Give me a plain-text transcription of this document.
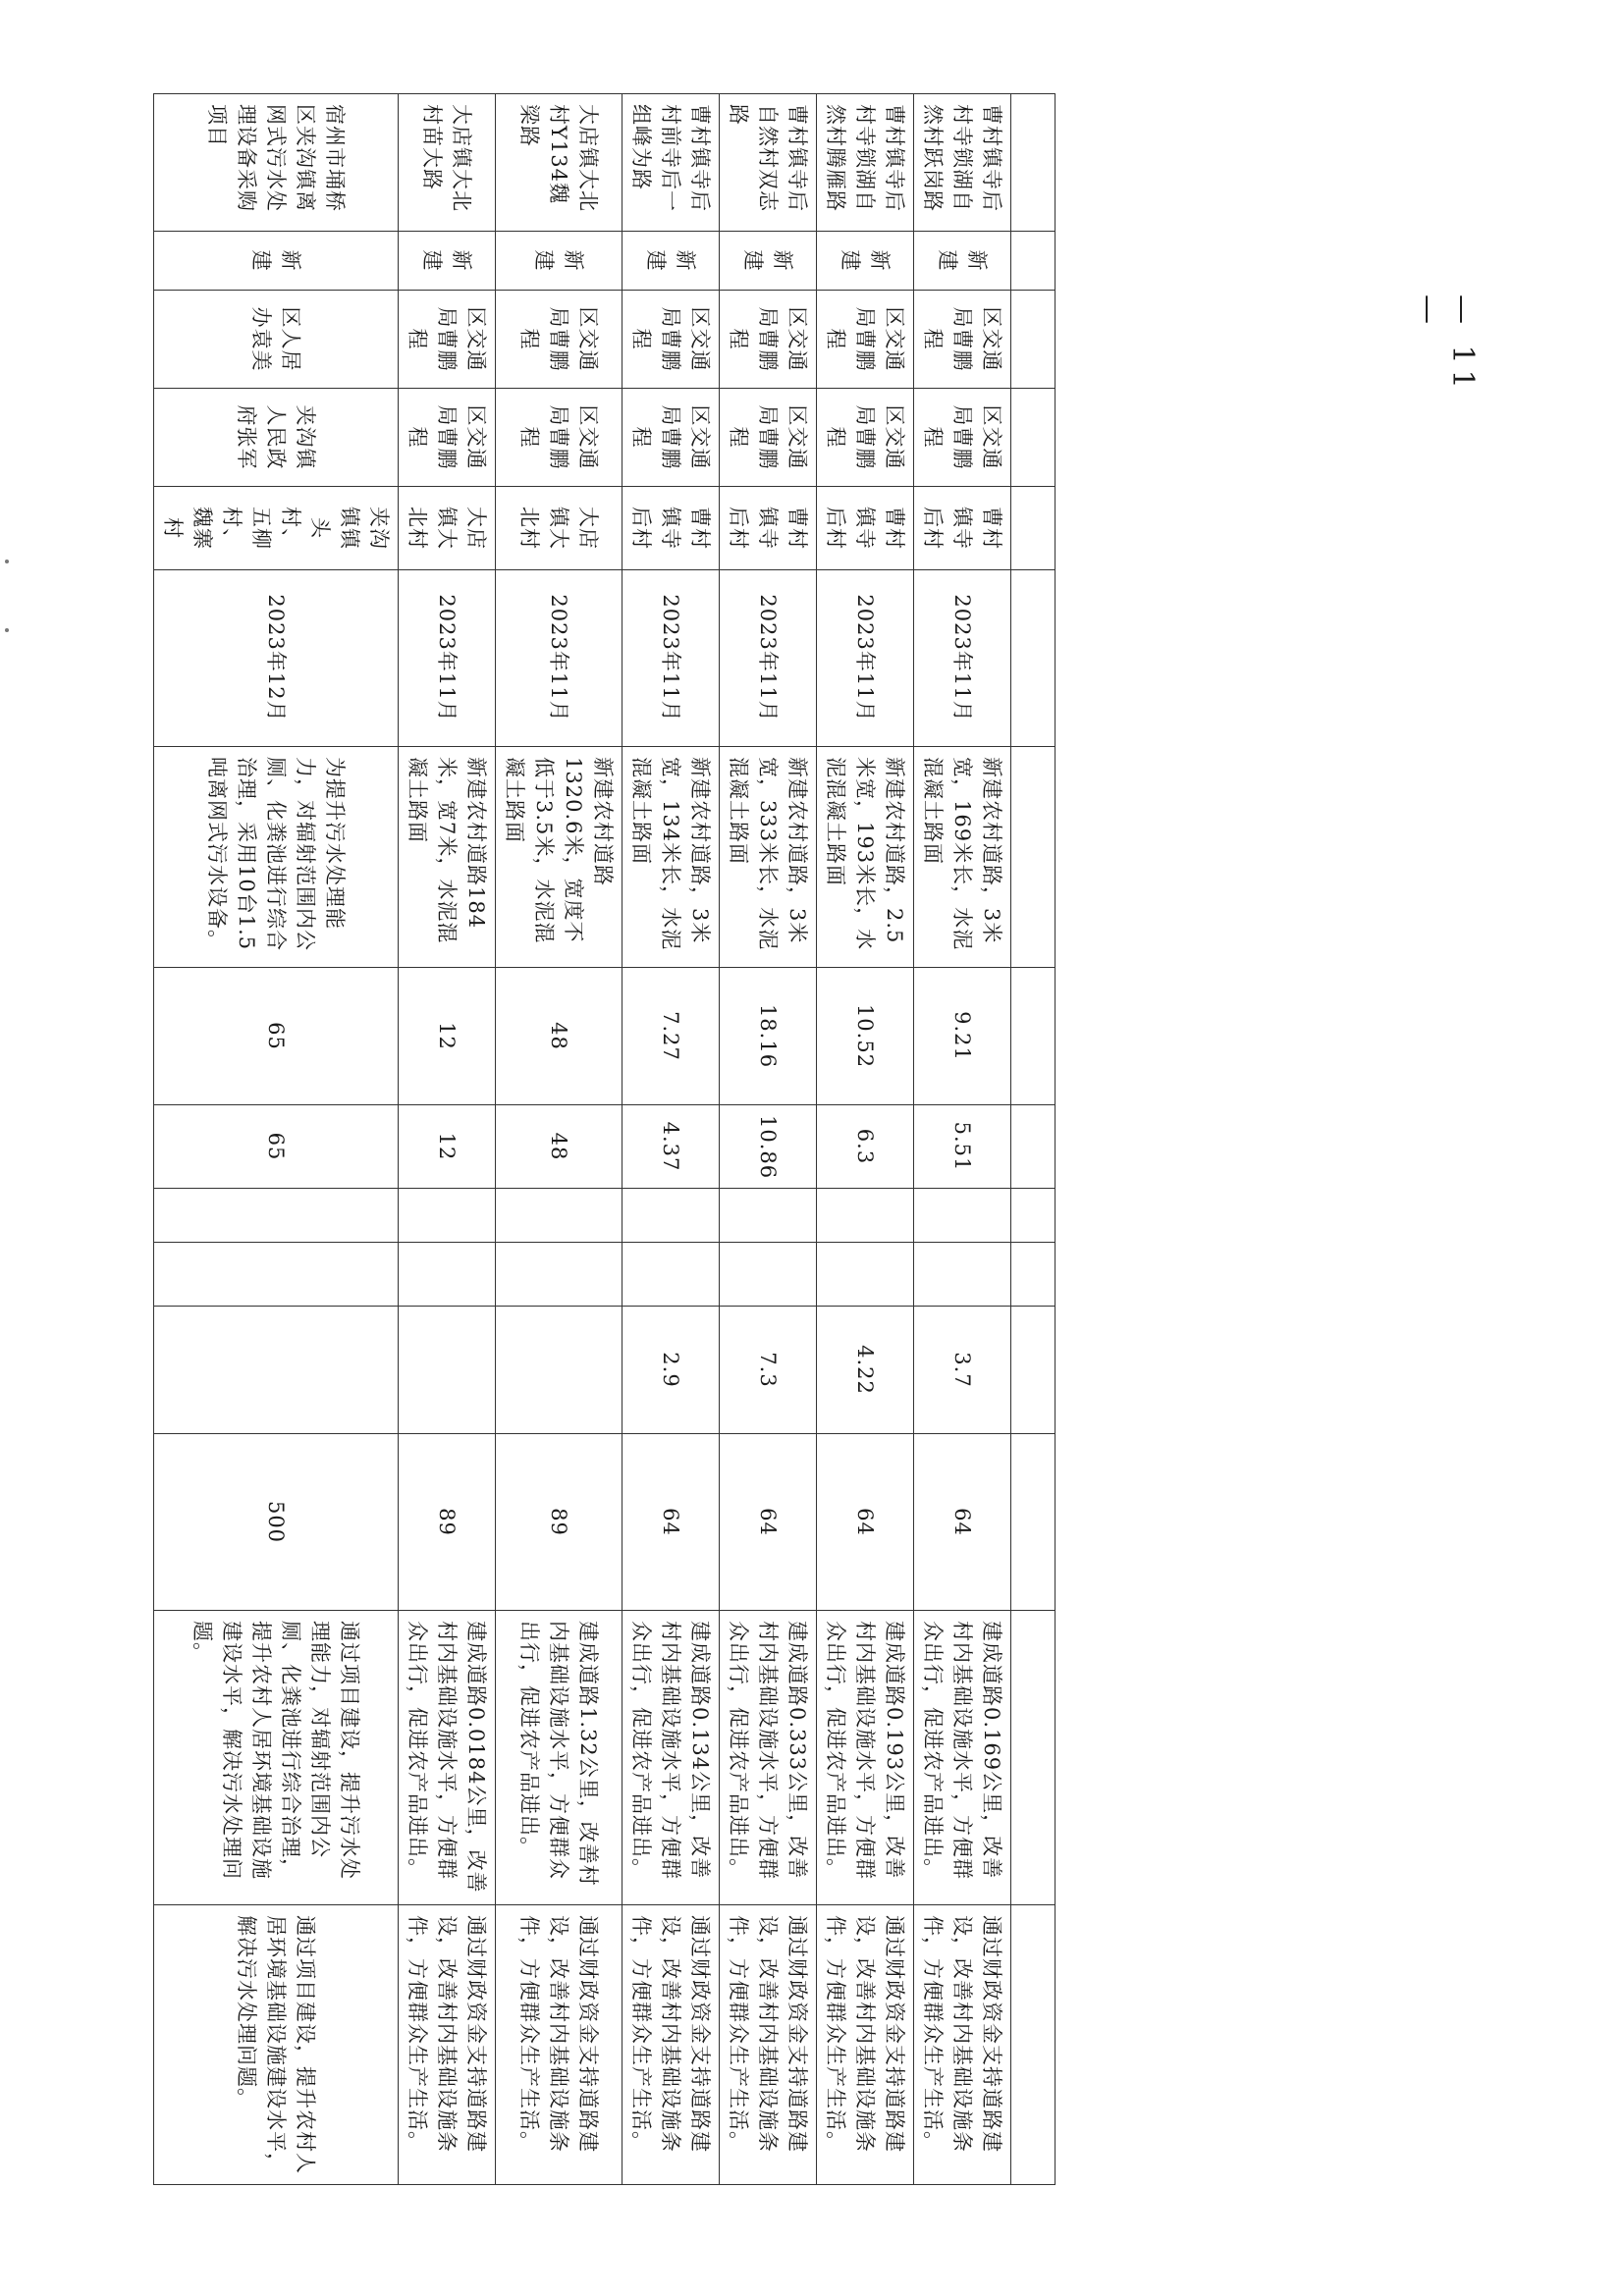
曹村镇寺后村寺锁湖自然村跃岗路	新建	区交通局曹鹏程	区交通局曹鹏程	曹村镇寺后村	2023年11月	新建农村道路，3米宽，169米长，水泥混凝土路面	9.21	5.51			3.7	64	建成道路0.169公里，改善村内基础设施水平，方便群众出行，促进农产品进出。	通过财政资金支持道路建设，改善村内基础设施条件，方便群众生产生活。
曹村镇寺后村寺锁湖自然村腾雁路	新建	区交通局曹鹏程	区交通局曹鹏程	曹村镇寺后村	2023年11月	新建农村道路，2.5米宽，193米长，水泥混凝土路面	10.52	6.3			4.22	64	建成道路0.193公里，改善村内基础设施水平，方便群众出行，促进农产品进出。	通过财政资金支持道路建设，改善村内基础设施条件，方便群众生产生活。
曹村镇寺后自然村双志路	新建	区交通局曹鹏程	区交通局曹鹏程	曹村镇寺后村	2023年11月	新建农村道路，3米宽，333米长，水泥混凝土路面	18.16	10.86			7.3	64	建成道路0.333公里，改善村内基础设施水平，方便群众出行，促进农产品进出。	通过财政资金支持道路建设，改善村内基础设施条件，方便群众生产生活。
曹村镇寺后村前寺后一组峰为路	新建	区交通局曹鹏程	区交通局曹鹏程	曹村镇寺后村	2023年11月	新建农村道路，3米宽，134米长，水泥混凝土路面	7.27	4.37			2.9	64	建成道路0.134公里，改善村内基础设施水平，方便群众出行，促进农产品进出。	通过财政资金支持道路建设，改善村内基础设施条件，方便群众生产生活。
大店镇大北村Y134魏梁路	新建	区交通局曹鹏程	区交通局曹鹏程	大店镇大北村	2023年11月	新建农村道路1320.6米，宽度不低于3.5米，水泥混凝土路面	48	48				89	建成道路1.32公里，改善村内基础设施水平，方便群众出行，促进农产品进出。	通过财政资金支持道路建设，改善村内基础设施条件，方便群众生产生活。
大店镇大北村苗大路	新建	区交通局曹鹏程	区交通局曹鹏程	大店镇大北村	2023年11月	新建农村道路184米，宽7米，水泥混凝土路面	12	12				89	建成道路0.0184公里，改善村内基础设施水平，方便群众出行，促进农产品进出。	通过财政资金支持道路建设，改善村内基础设施条件，方便群众生产生活。
宿州市埇桥区夹沟镇离网式污水处理设备采购项目	新建	区人居办袁美	夹沟镇人民政府张军	夹沟镇镇头村、五柳村、魏寨村	2023年12月	为提升污水处理能力，对辐射范围内公厕、化粪池进行综合治理，采用10台1.5吨离网式污水设备。	65	65				500	通过项目建设，提升污水处理能力，对辐射范围内公厕、化粪池进行综合治理，提升农村人居环境基础设施建设水平，解决污水处理问题。	通过项目建设，提升农村人居环境基础设施建设水平，解决污水处理问题。
— 11 —
